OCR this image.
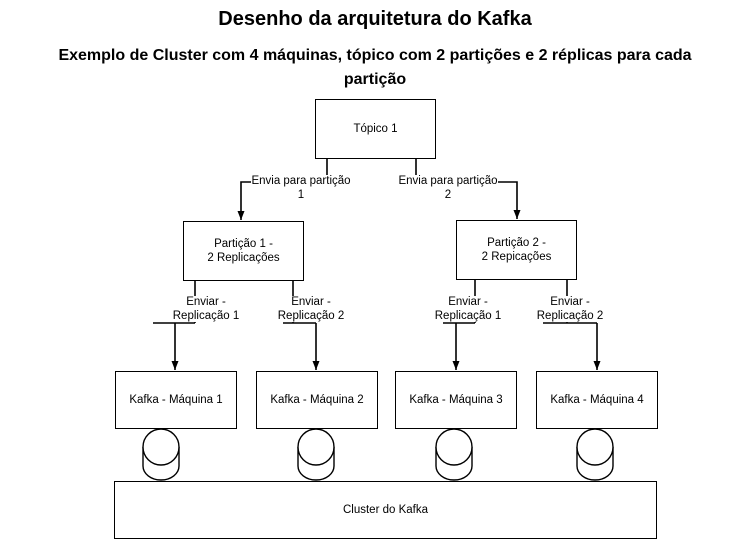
Desenho da arquitetura do Kafka
Exemplo de Cluster com 4 máquinas, tópico com 2 partições e 2 réplicas para cada
partição
Tópico 1
Partição 1 -
2 Replicações
Partição 2 -
2 Repicações
Kafka - Máquina 1	Kafka - Máquina 2	Kafka - Máquina 3	Kafka - Máquina 4
Cluster do Kafka
Envia para partição 1
Envia para partição 2
Enviar -
Replicação 1
Enviar -
Replicação 2
Enviar -
Replicação 1
Enviar -
Replicação 2
